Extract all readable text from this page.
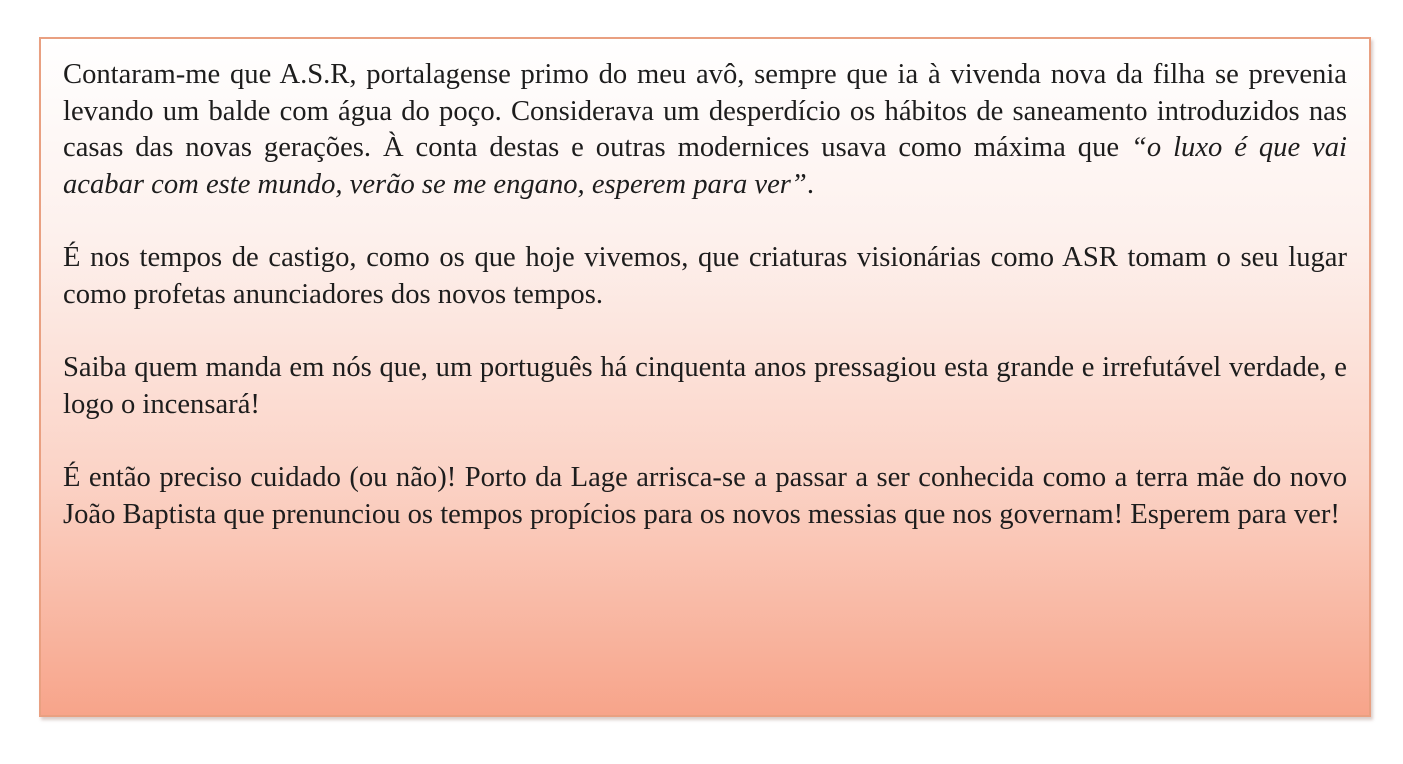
Contaram-me que A.S.R, portalagense primo do meu avô, sempre que ia à vivenda nova da filha se prevenia levando um balde com água do poço. Considerava um desperdício os hábitos de saneamento introduzidos nas casas das novas gerações. À conta destas e outras modernices usava como máxima que “o luxo é que vai acabar com este mundo, verão se me engano, esperem para ver”.

É nos tempos de castigo, como os que hoje vivemos, que criaturas visionárias como ASR tomam o seu lugar como profetas anunciadores dos novos tempos.

Saiba quem manda em nós que, um português há cinquenta anos pressagiou esta grande e irrefutável verdade, e logo o incensará!

É então preciso cuidado (ou não)! Porto da Lage arrisca-se a passar a ser conhecida como a terra mãe do novo João Baptista que prenunciou os tempos propícios para os novos messias que nos governam! Esperem para ver!
